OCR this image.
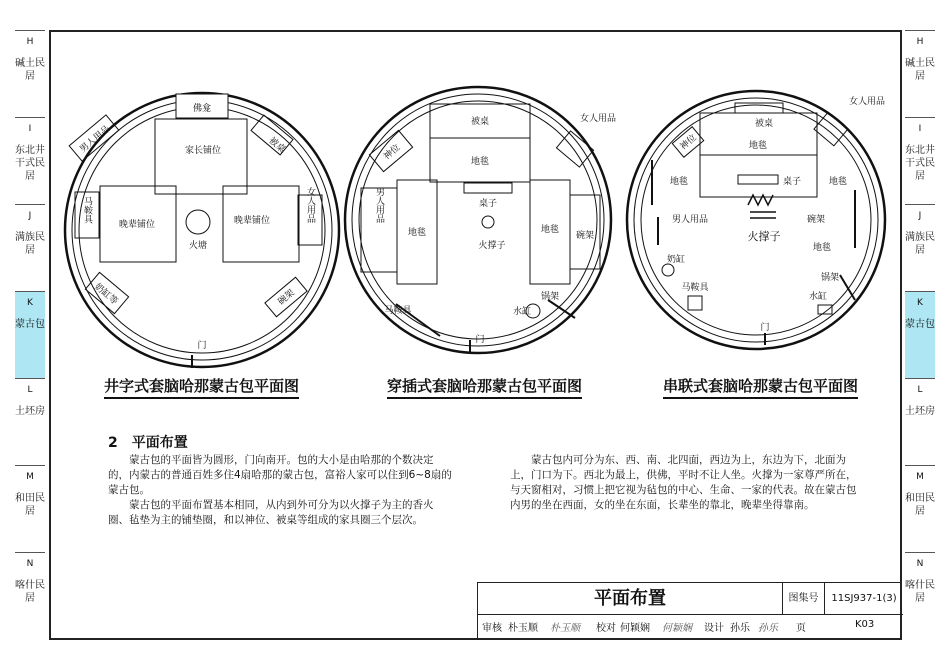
H
碱土民居
I
东北井干式民居
J
满族民居
K
蒙古包
L
土坯房
M
和田民居
N
喀什民居
H
碱土民居
I
东北井干式民居
J
满族民居
K
蒙古包
L
土坯房
M
和田民居
N
喀什民居
佛龛
家长铺位	被桌
男人用品
马鞍具
晚辈铺位
火塘
晚辈铺位	女人用品
奶缸等	碗架
门
被桌
神位
女人用品
地毯
男人用品
地毯
桌子
火撑子
地毯
碗架
锅架
水缸
马鞍具
门
女人用品
神位
被桌
地毯
地毯	桌子	地毯
男人用品
火撑子
碗架
奶缸
地毯
马鞍具
锅架
水缸
门
井字式套脑哈那蒙古包平面图	穿插式套脑哈那蒙古包平面图	串联式套脑哈那蒙古包平面图
2　平面布置
蒙古包的平面皆为圆形，门向南开。包的大小是由哈那的个数决定的，内蒙古的普通百姓多住4扇哈那的蒙古包，富裕人家可以住到6~8扇的蒙古包。
蒙古包的平面布置基本相同，从内到外可分为以火撑子为主的香火圈、毡垫为主的铺垫圈，和以神位、被桌等组成的家具圈三个层次。
蒙古包内可分为东、西、南、北四面，西边为上，东边为下，北面为上，门口为下。西北为最上，供佛，平时不让人坐。火撑为一家尊严所在，与天窗相对，习惯上把它视为毡包的中心、生命、一家的代表。故在蒙古包内男的坐在西面，女的坐在东面，长辈坐的靠北，晚辈坐得靠南。
平面布置	图集号	11SJ937-1(3)
审核 朴玉顺 朴玉顺 校对 何颖娴 何颖娴 设计 孙乐 孙乐 页	K03
